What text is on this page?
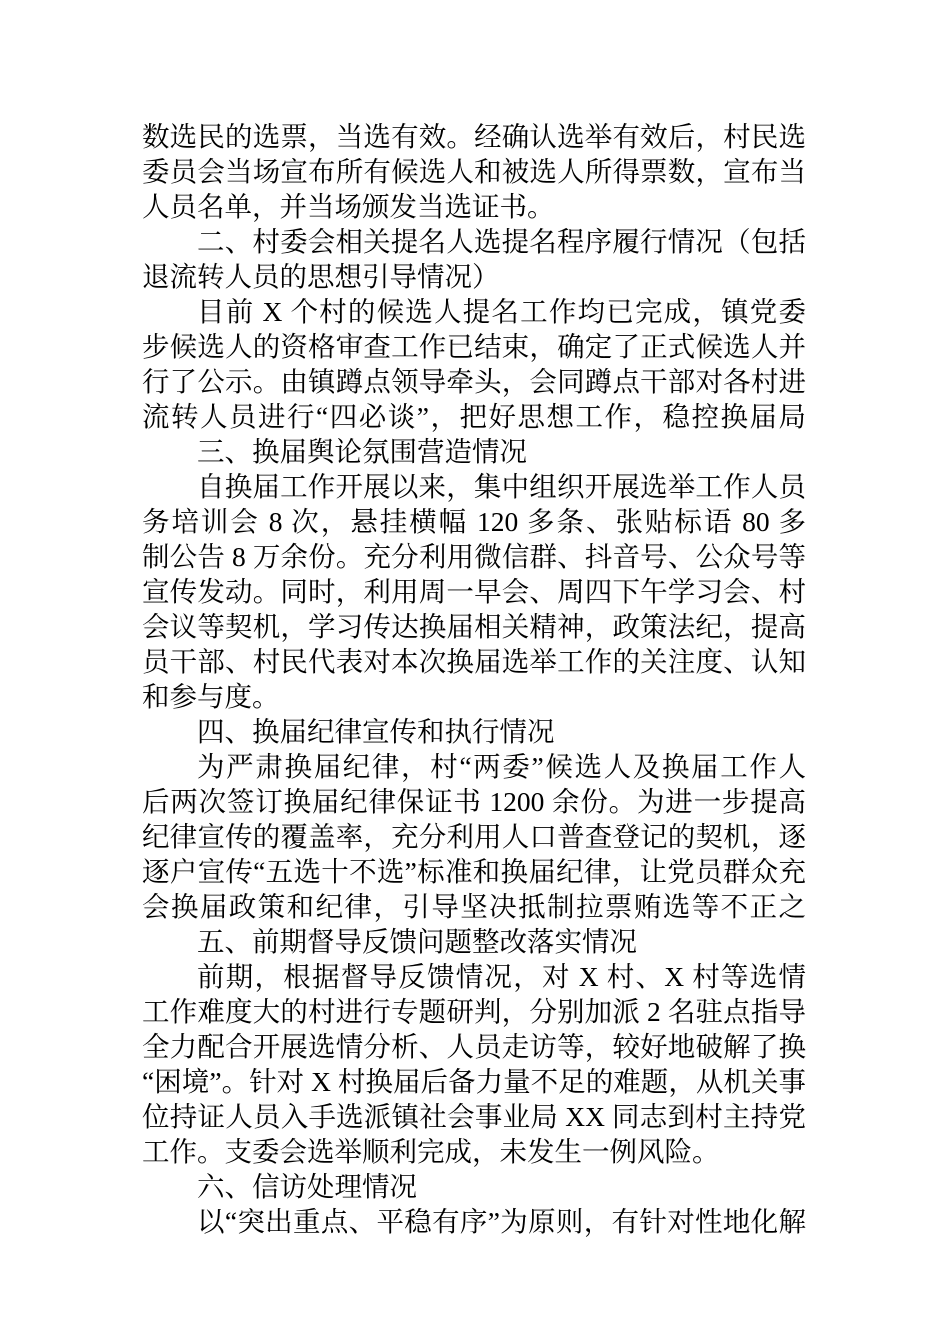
数选民的选票，当选有效。经确认选举有效后，村民选
委员会当场宣布所有候选人和被选人所得票数，宣布当
人员名单，并当场颁发当选证书。
二、村委会相关提名人选提名程序履行情况（包括
退流转人员的思想引导情况）
目前 X 个村的候选人提名工作均已完成，镇党委
步候选人的资格审查工作已结束，确定了正式候选人并
行了公示。由镇蹲点领导牵头，会同蹲点干部对各村进
流转人员进行“四必谈”，把好思想工作，稳控换届局
三、换届舆论氛围营造情况
自换届工作开展以来，集中组织开展选举工作人员
务培训会 8 次，悬挂横幅 120 多条、张贴标语 80 多
制公告 8 万余份。充分利用微信群、抖音号、公众号等
宣传发动。同时，利用周一早会、周四下午学习会、村
会议等契机，学习传达换届相关精神，政策法纪，提高
员干部、村民代表对本次换届选举工作的关注度、认知
和参与度。
四、换届纪律宣传和执行情况
为严肃换届纪律，村“两委”候选人及换届工作人
后两次签订换届纪律保证书 1200 余份。为进一步提高
纪律宣传的覆盖率，充分利用人口普查登记的契机，逐
逐户宣传“五选十不选”标准和换届纪律，让党员群众充
会换届政策和纪律，引导坚决抵制拉票贿选等不正之
五、前期督导反馈问题整改落实情况
前期，根据督导反馈情况，对 X 村、X 村等选情
工作难度大的村进行专题研判，分别加派 2 名驻点指导
全力配合开展选情分析、人员走访等，较好地破解了换
“困境”。针对 X 村换届后备力量不足的难题，从机关事
位持证人员入手选派镇社会事业局 XX 同志到村主持党
工作。支委会选举顺利完成，未发生一例风险。
六、信访处理情况
以“突出重点、平稳有序”为原则，有针对性地化解
